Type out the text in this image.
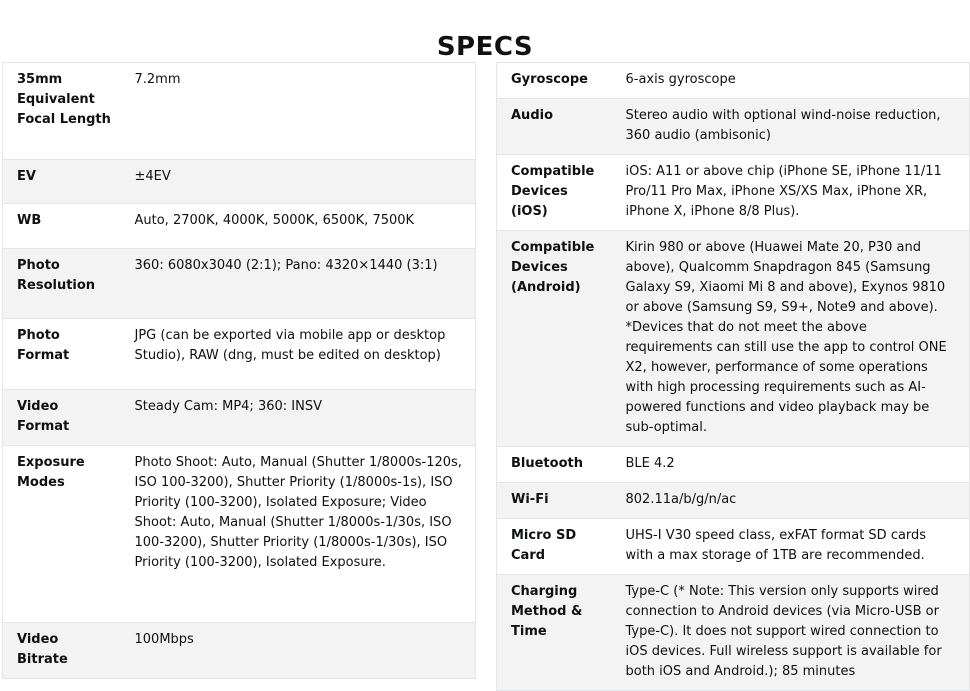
SPECS
35mm Equivalent Focal Length	7.2mm
EV	±4EV
WB	Auto, 2700K, 4000K, 5000K, 6500K, 7500K
Photo Resolution	360: 6080x3040 (2:1); Pano: 4320×1440 (3:1)
Photo Format	JPG (can be exported via mobile app or desktop Studio), RAW (dng, must be edited on desktop)
Video Format	Steady Cam: MP4; 360: INSV
Exposure Modes	Photo Shoot: Auto, Manual (Shutter 1/8000s-120s, ISO 100-3200), Shutter Priority (1/8000s-1s), ISO Priority (100-3200), Isolated Exposure; Video Shoot: Auto, Manual (Shutter 1/8000s-1/30s, ISO 100-3200), Shutter Priority (1/8000s-1/30s), ISO Priority (100-3200), Isolated Exposure.
Video Bitrate	100Mbps
Gyroscope	6-axis gyroscope
Audio	Stereo audio with optional wind-noise reduction, 360 audio (ambisonic)
Compatible Devices (iOS)	iOS: A11 or above chip (iPhone SE, iPhone 11/11 Pro/11 Pro Max, iPhone XS/XS Max, iPhone XR, iPhone X, iPhone 8/8 Plus).
Compatible Devices (Android)	Kirin 980 or above (Huawei Mate 20, P30 and above), Qualcomm Snapdragon 845 (Samsung Galaxy S9, Xiaomi Mi 8 and above), Exynos 9810 or above (Samsung S9, S9+, Note9 and above). *Devices that do not meet the above requirements can still use the app to control ONE X2, however, performance of some operations with high processing requirements such as AI-powered functions and video playback may be sub-optimal.
Bluetooth	BLE 4.2
Wi-Fi	802.11a/b/g/n/ac
Micro SD Card	UHS-I V30 speed class, exFAT format SD cards with a max storage of 1TB are recommended.
Charging Method & Time	Type-C (* Note: This version only supports wired connection to Android devices (via Micro-USB or Type-C). It does not support wired connection to iOS devices. Full wireless support is available for both iOS and Android.); 85 minutes
